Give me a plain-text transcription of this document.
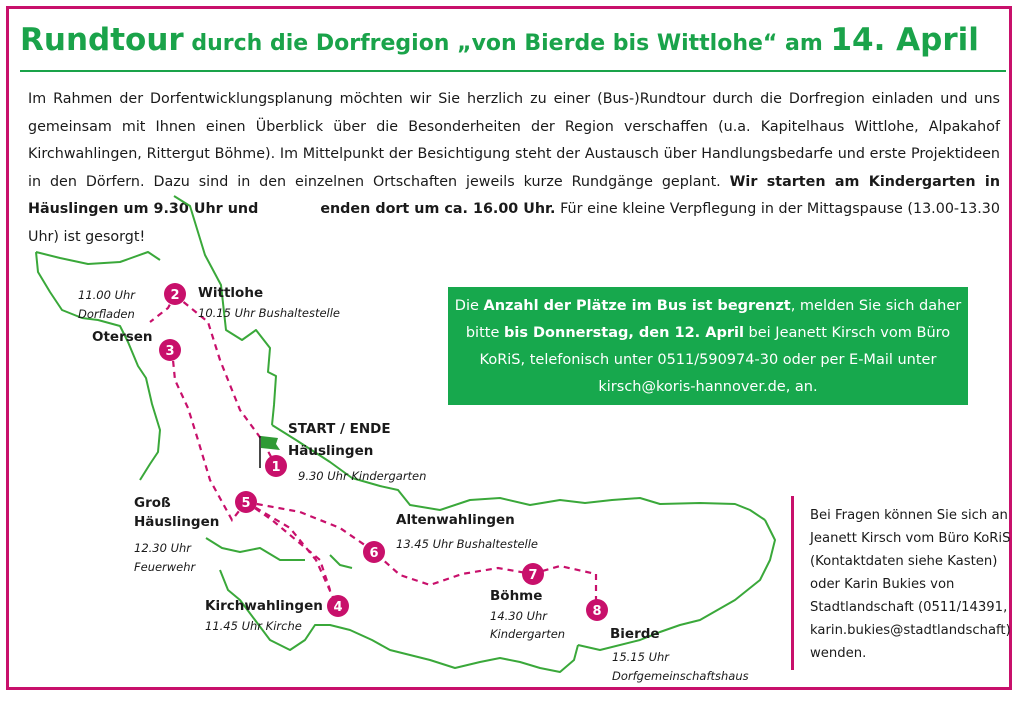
Rundtour durch die Dorfregion „von Bierde bis Wittlohe“ am 14. April
Im Rahmen der Dorfentwicklungsplanung möchten wir Sie herzlich zu einer (Bus-)Rundtour durch die Dorfregion einladen und uns gemeinsam mit Ihnen einen Überblick über die Besonderheiten der Region verschaffen (u.a. Kapitelhaus Wittlohe, Alpakahof Kirchwahlingen, Rittergut Böhme). Im Mittelpunkt der Besichtigung steht der Austausch über Handlungsbedarfe und erste Projektideen in den Dörfern. Dazu sind in den einzelnen Ortschaften jeweils kurze Rundgänge geplant. Wir starten am Kindergarten in Häuslingen um 9.30 Uhr und	enden dort um ca. 16.00 Uhr. Für eine kleine Verpflegung in der Mittagspause (13.00-13.30 Uhr) ist gesorgt!
1
2
3
4
5
6
7
8
START / ENDE
Häuslingen
9.30 Uhr Kindergarten
Wittlohe
10.15 Uhr Bushaltestelle
Otersen
11.00 Uhr
Dorfladen
Kirchwahlingen
11.45 Uhr Kirche
Groß
Häuslingen
12.30 Uhr
Feuerwehr
Altenwahlingen
13.45 Uhr Bushaltestelle
Böhme
14.30 Uhr
Kindergarten	Bierde
15.15 Uhr
Dorfgemeinschaftshaus
Die Anzahl der Plätze im Bus ist begrenzt, melden Sie sich daher bitte bis Donnerstag, den 12. April bei Jeanett Kirsch vom Büro KoRiS, telefonisch unter 0511/590974-30 oder per E-Mail unter kirsch@koris-hannover.de, an.
Bei Fragen können Sie sich an Jeanett Kirsch vom Büro KoRiS (Kontaktdaten siehe Kasten) oder Karin Bukies von Stadtlandschaft (0511/14391, karin.bukies@stadtlandschaft) wenden.
